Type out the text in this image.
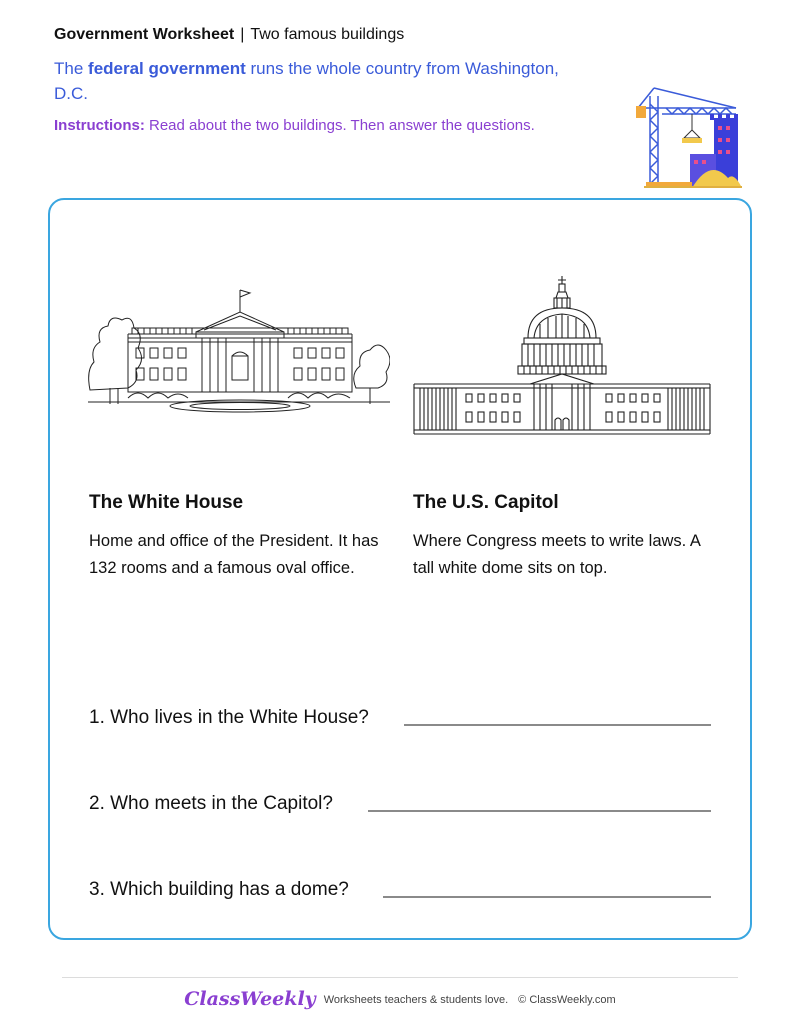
Government Worksheet | Two famous buildings
The federal government runs the whole country from Washington, D.C.
Instructions: Read about the two buildings. Then answer the questions.
The White House
Home and office of the President. It has 132 rooms and a famous oval office.
The U.S. Capitol
Where Congress meets to write laws. A tall white dome sits on top.
1. Who lives in the White House?
2. Who meets in the Capitol?
3. Which building has a dome?
ClassWeekly Worksheets teachers & students love. © ClassWeekly.com
